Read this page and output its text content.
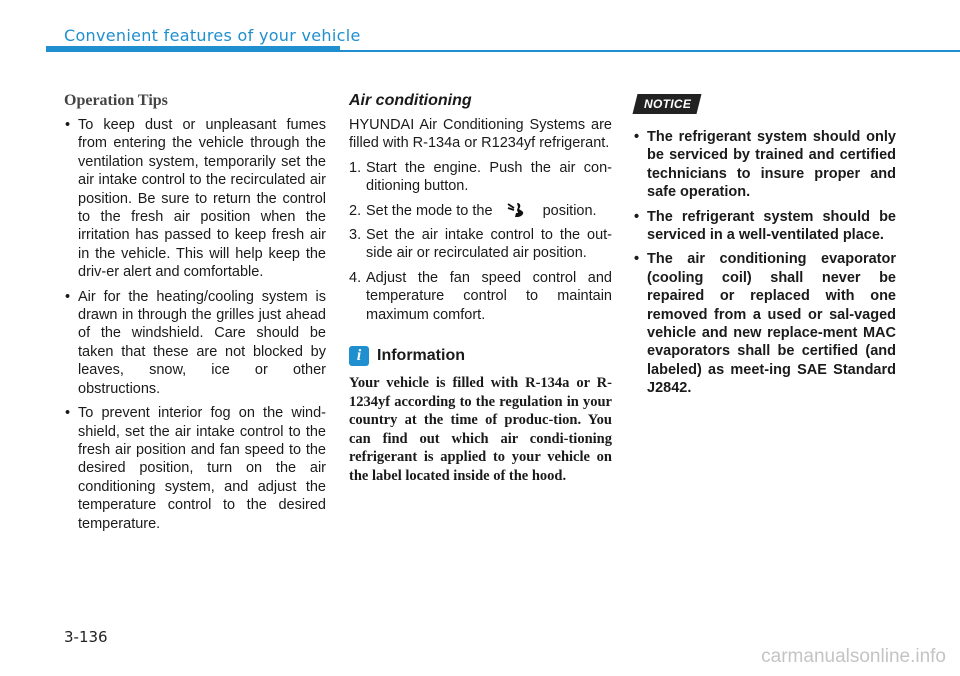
Convenient features of your vehicle
Operation Tips
• To keep dust or unpleasant fumes from entering the vehicle through the ventilation system, temporarily set the air intake control to the recirculated air position. Be sure to return the control to the fresh air position when the irritation has passed to keep fresh air in the vehicle. This will help keep the driv-er alert and comfortable.
• Air for the heating/cooling system is drawn in through the grilles just ahead of the windshield. Care should be taken that these are not blocked by leaves, snow, ice or other obstructions.
• To prevent interior fog on the wind-shield, set the air intake control to the fresh air position and fan speed to the desired position, turn on the air conditioning system, and adjust the temperature control to the desired temperature.
Air conditioning

HYUNDAI Air Conditioning Systems are filled with R-134a or R1234yf refrigerant.

1. Start the engine. Push the air con-ditioning button.
2. Set the mode to the	position.
3. Set the air intake control to the out-side air or recirculated air position.
4. Adjust the fan speed control and temperature control to maintain maximum comfort.
i Information

Your vehicle is filled with R-134a or R-1234yf according to the regulation in your country at the time of produc-tion. You can find out which air condi-tioning refrigerant is applied to your vehicle on the label located inside of the hood.

NOTICE
• The refrigerant system should only be serviced by trained and certified technicians to insure proper and safe operation.
• The refrigerant system should be serviced in a well-ventilated place.
• The air conditioning evaporator (cooling coil) shall never be repaired or replaced with one removed from a used or sal-vaged vehicle and new replace-ment MAC evaporators shall be certified (and labeled) as meet-ing SAE Standard J2842.
3-136
carmanualsonline.info
